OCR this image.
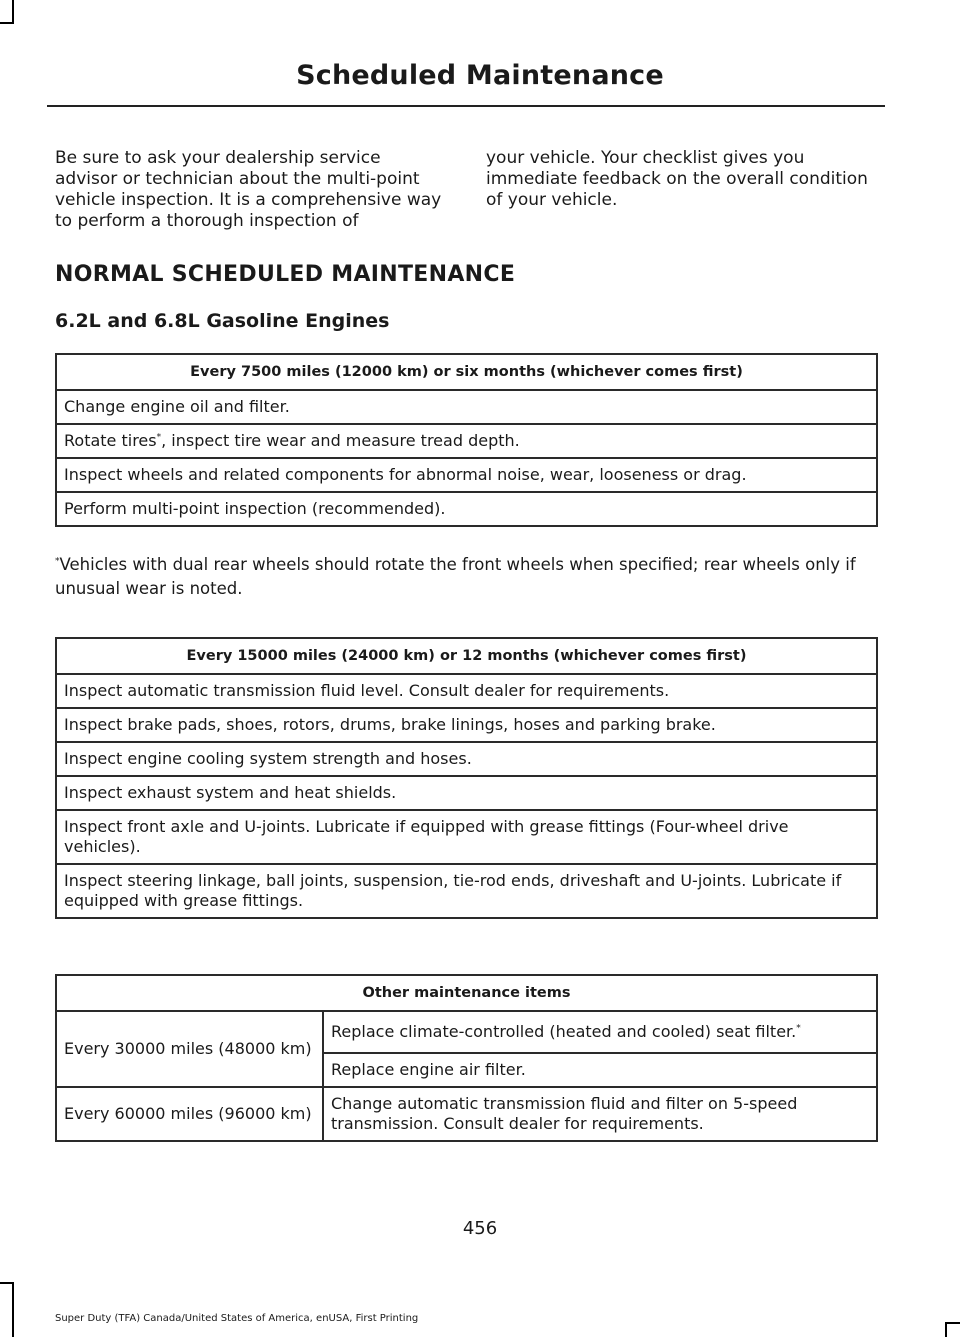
Scheduled Maintenance

Be sure to ask your dealership service advisor or technician about the multi-point vehicle inspection. It is a comprehensive way to perform a thorough inspection of

your vehicle. Your checklist gives you immediate feedback on the overall condition of your vehicle.

NORMAL SCHEDULED MAINTENANCE
6.2L and 6.8L Gasoline Engines
Every 7500 miles (12000 km) or six months (whichever comes first)
Change engine oil and filter.
Rotate tires*, inspect tire wear and measure tread depth.
Inspect wheels and related components for abnormal noise, wear, looseness or drag.
Perform multi-point inspection (recommended).
*Vehicles with dual rear wheels should rotate the front wheels when specified; rear wheels only if unusual wear is noted.
Every 15000 miles (24000 km) or 12 months (whichever comes first)
Inspect automatic transmission fluid level. Consult dealer for requirements.
Inspect brake pads, shoes, rotors, drums, brake linings, hoses and parking brake.
Inspect engine cooling system strength and hoses.
Inspect exhaust system and heat shields.
Inspect front axle and U-joints. Lubricate if equipped with grease fittings (Four-wheel drive vehicles).
Inspect steering linkage, ball joints, suspension, tie-rod ends, driveshaft and U-joints. Lubricate if equipped with grease fittings.
Other maintenance items	
Every 30000 miles (48000 km)	Replace climate-controlled (heated and cooled) seat filter.*
	Replace engine air filter.
Every 60000 miles (96000 km)	Change automatic transmission fluid and filter on 5-speed transmission. Consult dealer for requirements.
456
Super Duty (TFA) Canada/United States of America, enUSA, First Printing
